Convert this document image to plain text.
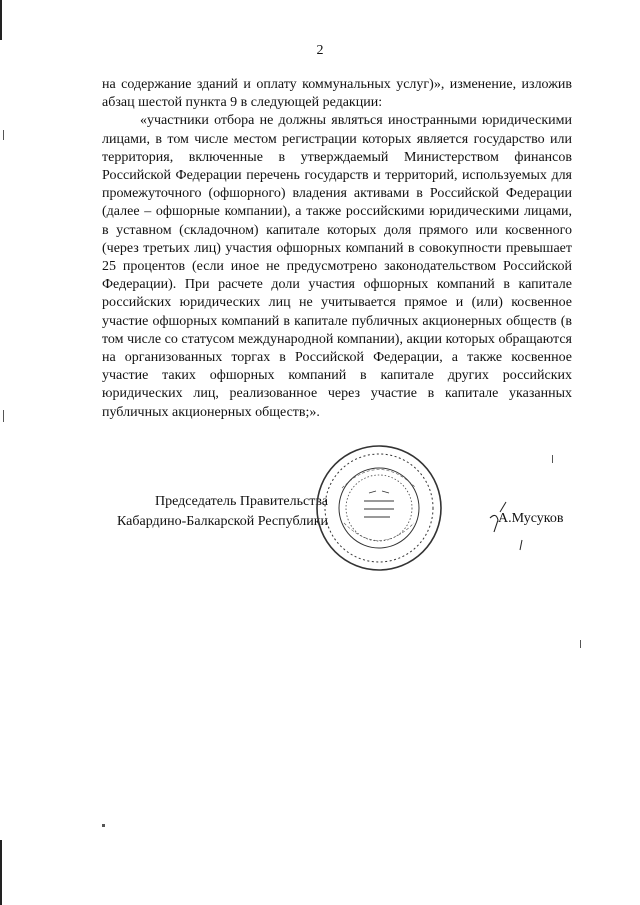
2

на содержание зданий и оплату коммунальных услуг)», изменение, изложив абзац шестой пункта 9 в следующей редакции:

«участники отбора не должны являться иностранными юридическими лицами, в том числе местом регистрации которых является государство или территория, включенные в утверждаемый Министерством финансов Российской Федерации перечень государств и территорий, используемых для промежуточного (офшорного) владения активами в Российской Федерации (далее – офшорные компании), а также российскими юридическими лицами, в уставном (складочном) капитале которых доля прямого или косвенного (через третьих лиц) участия офшорных компаний в совокупности превышает 25 процентов (если иное не предусмотрено законодательством Российской Федерации). При расчете доли участия офшорных компаний в капитале российских юридических лиц не учитывается прямое и (или) косвенное участие офшорных компаний в капитале публичных акционерных обществ (в том числе со статусом международной компании), акции которых обращаются на организованных торгах в Российской Федерации, а также косвенное участие таких офшорных компаний в капитале других российских юридических лиц, реализованное через участие в капитале указанных публичных акционерных обществ;».

Председатель Правительства
Кабардино-Балкарской Республики	А.Мусуков
